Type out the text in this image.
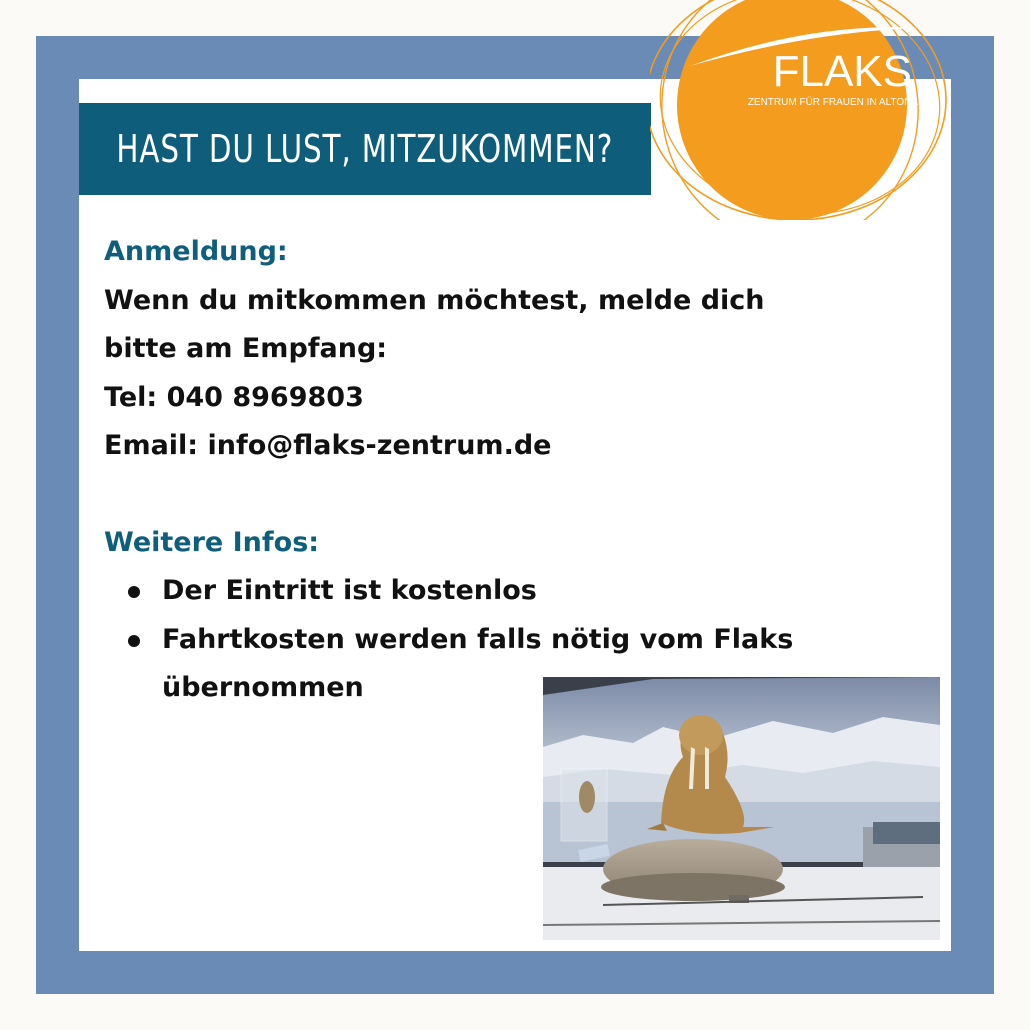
HAST DU LUST, MITZUKOMMEN?
FLAKS
ZENTRUM FÜR FRAUEN IN ALTONA
Anmeldung:
Wenn du mitkommen möchtest, melde dich
bitte am Empfang:
Tel: 040 8969803
Email: info@flaks-zentrum.de
Weitere Infos:
Der Eintritt ist kostenlos
Fahrtkosten werden falls nötig vom Flaks übernommen
